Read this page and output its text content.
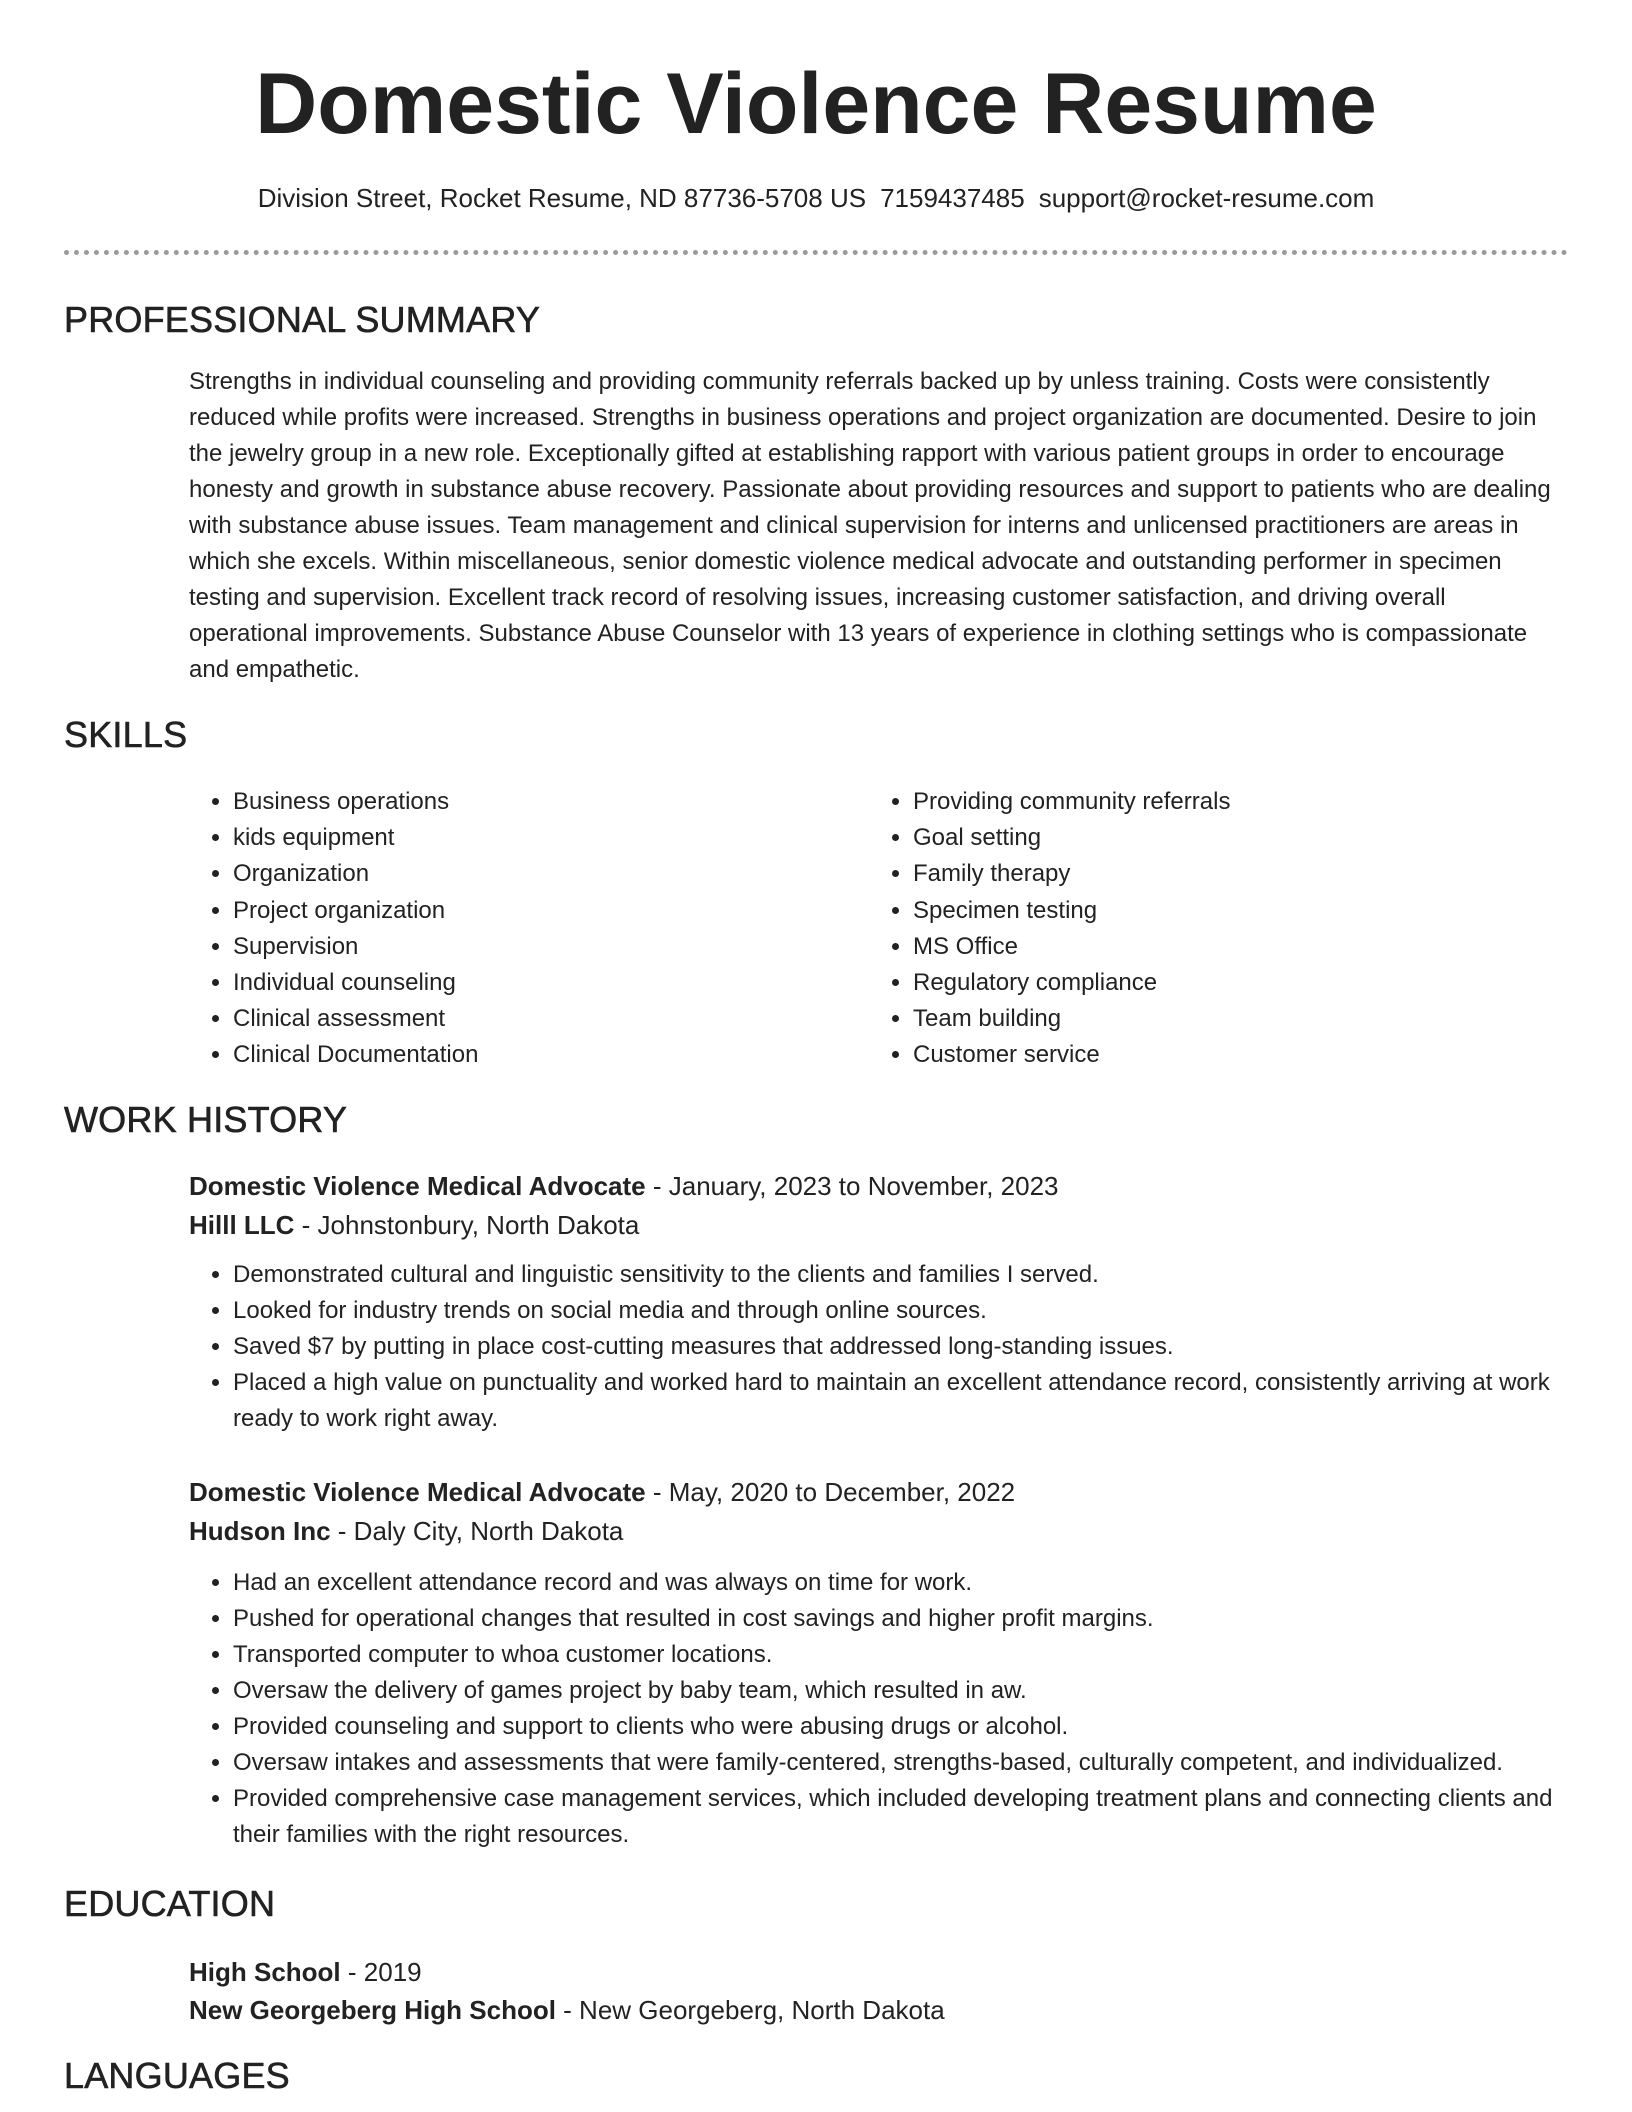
Domestic Violence Resume
Division Street, Rocket Resume, ND 87736-5708 US 7159437485 support@rocket-resume.com
PROFESSIONAL SUMMARY
Strengths in individual counseling and providing community referrals backed up by unless training. Costs were consistently reduced while profits were increased. Strengths in business operations and project organization are documented. Desire to join the jewelry group in a new role. Exceptionally gifted at establishing rapport with various patient groups in order to encourage honesty and growth in substance abuse recovery. Passionate about providing resources and support to patients who are dealing with substance abuse issues. Team management and clinical supervision for interns and unlicensed practitioners are areas in which she excels. Within miscellaneous, senior domestic violence medical advocate and outstanding performer in specimen testing and supervision. Excellent track record of resolving issues, increasing customer satisfaction, and driving overall operational improvements. Substance Abuse Counselor with 13 years of experience in clothing settings who is compassionate and empathetic.
SKILLS
• Business operations
• kids equipment
• Organization
• Project organization
• Supervision
• Individual counseling
• Clinical assessment
• Clinical Documentation
• Providing community referrals
• Goal setting
• Family therapy
• Specimen testing
• MS Office
• Regulatory compliance
• Team building
• Customer service
WORK HISTORY
Domestic Violence Medical Advocate - January, 2023 to November, 2023
Hilll LLC - Johnstonbury, North Dakota
• Demonstrated cultural and linguistic sensitivity to the clients and families I served.
• Looked for industry trends on social media and through online sources.
• Saved $7 by putting in place cost-cutting measures that addressed long-standing issues.
• Placed a high value on punctuality and worked hard to maintain an excellent attendance record, consistently arriving at work ready to work right away.
Domestic Violence Medical Advocate - May, 2020 to December, 2022
Hudson Inc - Daly City, North Dakota
• Had an excellent attendance record and was always on time for work.
• Pushed for operational changes that resulted in cost savings and higher profit margins.
• Transported computer to whoa customer locations.
• Oversaw the delivery of games project by baby team, which resulted in aw.
• Provided counseling and support to clients who were abusing drugs or alcohol.
• Oversaw intakes and assessments that were family-centered, strengths-based, culturally competent, and individualized.
• Provided comprehensive case management services, which included developing treatment plans and connecting clients and their families with the right resources.
EDUCATION
High School - 2019
New Georgeberg High School - New Georgeberg, North Dakota
LANGUAGES
